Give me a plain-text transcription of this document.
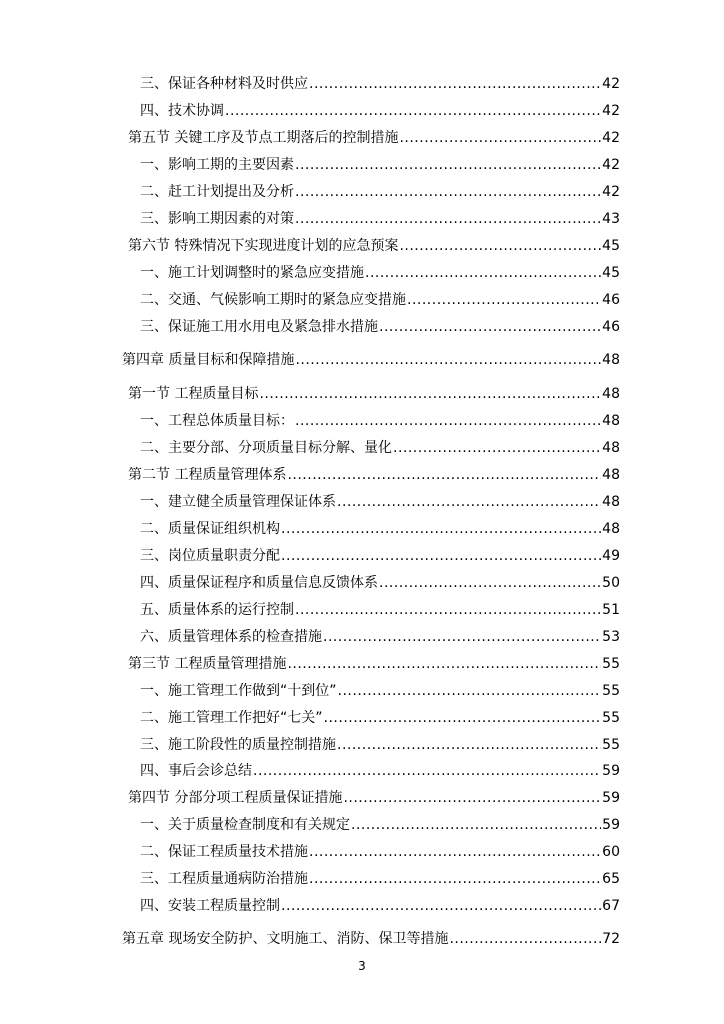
三、保证各种材料及时供应 .....	42
四、技术协调 .....	42
第五节 关键工序及节点工期落后的控制措施 .....	42
一、影响工期的主要因素 .....	42
二、赶工计划提出及分析 .....	42
三、影响工期因素的对策 .....	43
第六节 特殊情况下实现进度计划的应急预案 .....	45
一、施工计划调整时的紧急应变措施 .....	45
二、交通、气候影响工期时的紧急应变措施 .....	46
三、保证施工用水用电及紧急排水措施 .....	46
第四章 质量目标和保障措施 .....	48
第一节 工程质量目标 .....	48
一、工程总体质量目标： .....	48
二、主要分部、分项质量目标分解、量化 .....	48
第二节 工程质量管理体系 .....	48
一、建立健全质量管理保证体系 .....	48
二、质量保证组织机构 .....	48
三、岗位质量职责分配 .....	49
四、质量保证程序和质量信息反馈体系 .....	50
五、质量体系的运行控制 .....	51
六、质量管理体系的检查措施 .....	53
第三节 工程质量管理措施 .....	55
一、施工管理工作做到“十到位” .....	55
二、施工管理工作把好“七关” .....	55
三、施工阶段性的质量控制措施 .....	55
四、事后会诊总结 .....	59
第四节 分部分项工程质量保证措施 .....	59
一、关于质量检查制度和有关规定 .....	59
二、保证工程质量技术措施 .....	60
三、工程质量通病防治措施 .....	65
四、安装工程质量控制 .....	67
第五章 现场安全防护、文明施工、消防、保卫等措施 .....	72
3
